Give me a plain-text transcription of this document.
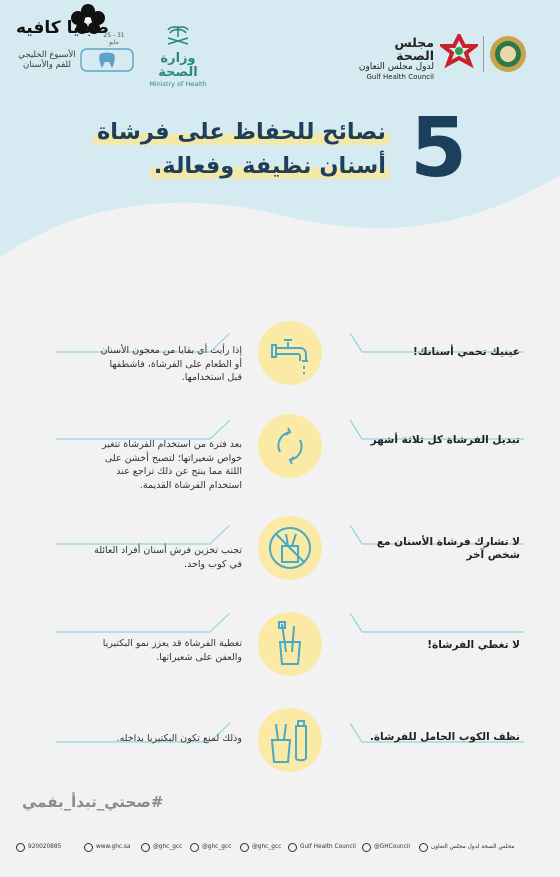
صبايا كافيه
25 - 31
مايو
الأسبوع الخليجي
للفم والأسنان	وزارة الصحة
Ministry of Health
مجلس الصحة
لدول مجلس التعاون
Gulf Health Council
5
نصائح للحفاظ على فرشاة
أسنان نظيفة وفعالة.
عينيك تحمي أسنانك!
إذا رأيت أي بقايا من معجون الأسنان
أو الطعام على الفرشاة، فاشطفها
قبل استخدامها.
تبديل الفرشاة كل ثلاثة أشهر
بعد فترة من استخدام الفرشاة تتغير
خواص شعيراتها؛ لتصبح أخشن على
اللثة مما ينتج عن ذلك تراجع عند
استخدام الفرشاة القديمة.
لا تشارك فرشاة الأسنان مع شخص آخر
تجنب تخزين فرش أسنان أفراد العائلة
في كوب واحد.
لا تغطي الفرشاة!
تغطية الفرشاة قد يعزز نمو البكتيريا
والعفن على شعيراتها.
نظف الكوب الحامل للفرشاة.
وذلك لمنع تكون البكتيريا بداخله.
#صحتي_تبدأ_بفمي
920020885	www.ghc.sa	@ghc_gcc	@ghc_gcc	@ghc_gcc	Gulf Health Council	@GHCouncil	مجلس الصحة لدول مجلس التعاون
